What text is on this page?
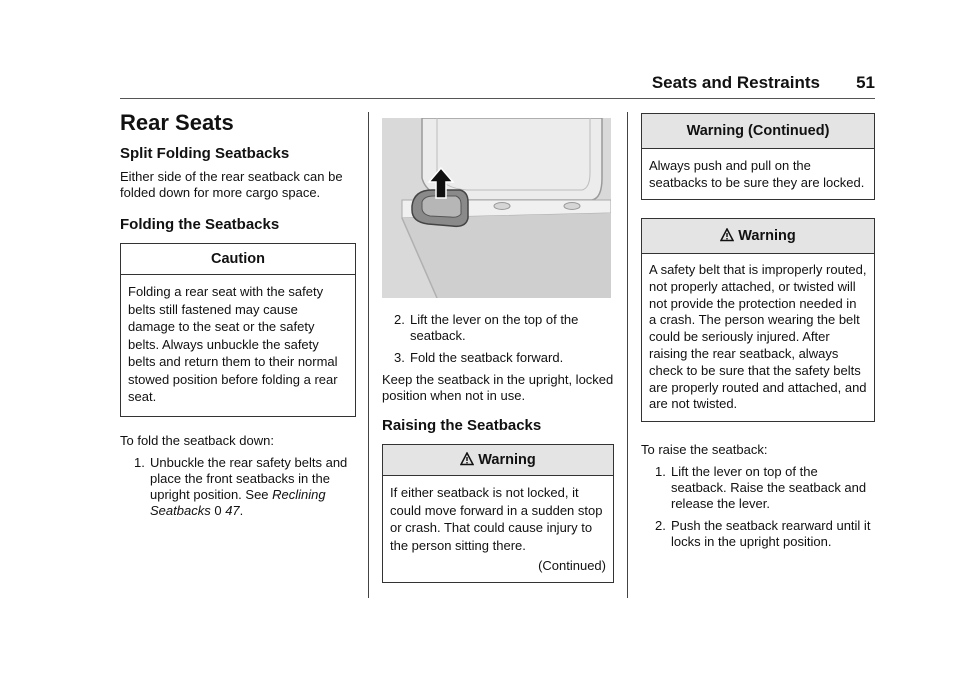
Seats and Restraints 51
Rear Seats
Split Folding Seatbacks

Either side of the rear seatback can be folded down for more cargo space.

Folding the Seatbacks
Caution
Folding a rear seat with the safety belts still fastened may cause damage to the seat or the safety belts. Always unbuckle the safety belts and return them to their normal stowed position before folding a rear seat.

To fold the seatback down:

1. Unbuckle the rear safety belts and place the front seatbacks in the upright position. See Reclining Seatbacks 0 47.
2. Lift the lever on the top of the seatback.
3. Fold the seatback forward.

Keep the seatback in the upright, locked position when not in use.

Raising the Seatbacks
Warning
If either seatback is not locked, it could move forward in a sudden stop or crash. That could cause injury to the person sitting there.
(Continued)
Warning (Continued)
Always push and pull on the seatbacks to be sure they are locked.
Warning
A safety belt that is improperly routed, not properly attached, or twisted will not provide the protection needed in a crash. The person wearing the belt could be seriously injured. After raising the rear seatback, always check to be sure that the safety belts are properly routed and attached, and are not twisted.

To raise the seatback:

1. Lift the lever on top of the seatback. Raise the seatback and release the lever.
2. Push the seatback rearward until it locks in the upright position.
